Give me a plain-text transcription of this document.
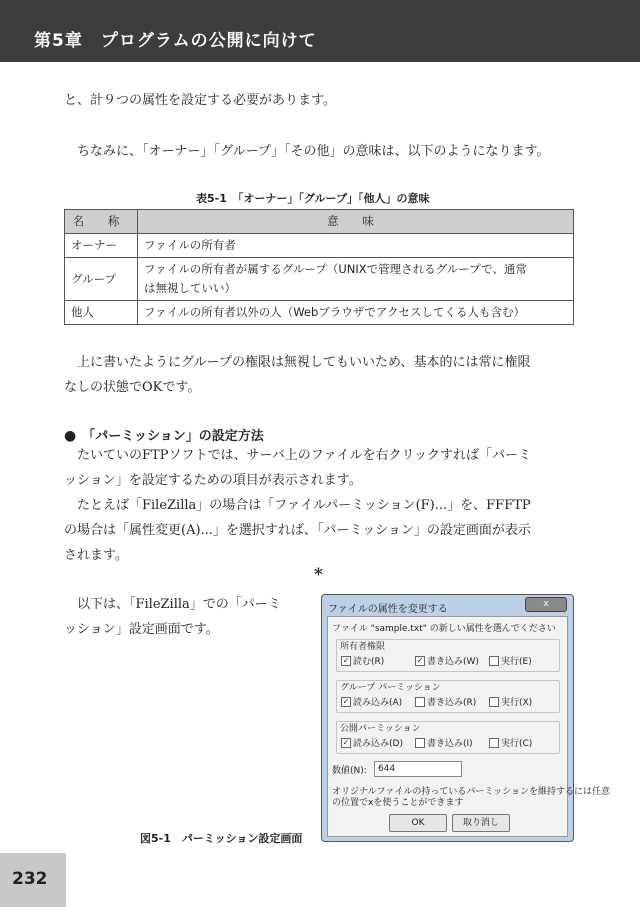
第5章　プログラムの公開に向けて
と、計９つの属性を設定する必要があります。
ちなみに、「オーナー」「グループ」「その他」の意味は、以下のようになります。
表5-1　「オーナー」「グループ」「他人」の意味
名 称	意 味
オーナー	ファイルの所有者
グループ	ファイルの所有者が属するグループ（UNIXで管理されるグループで、通常
は無視していい）
他人	ファイルの所有者以外の人（Webブラウザでアクセスしてくる人も含む）
上に書いたようにグループの権限は無視してもいいため、基本的には常に権限
なしの状態でOKです。
● 「パーミッション」の設定方法
たいていのFTPソフトでは、サーバ上のファイルを右クリックすれば「パーミ
ッション」を設定するための項目が表示されます。
たとえば「FileZilla」の場合は「ファイルパーミッション(F)...」を、FFFTP
の場合は「属性変更(A)...」を選択すれば、「パーミッション」の設定画面が表示
されます。
*
以下は、「FileZilla」での「パーミ
ッション」設定画面です。
ファイルの属性を変更する	x
ファイル "sample.txt" の新しい属性を選んでください
所有者権限
✓ 読む(R)	✓ 書き込み(W) 実行(E)
グループ パーミッション
✓ 読み込み(A)	書き込み(R)	実行(X)
公開パーミッション
✓ 読み込み(D)	書き込み(I)	実行(C)
数値(N):	644
オリジナルファイルの持っているパーミッションを維持するには任意
の位置でxを使うことができます
OK	取り消し
図5-1　パーミッション設定画面
232
